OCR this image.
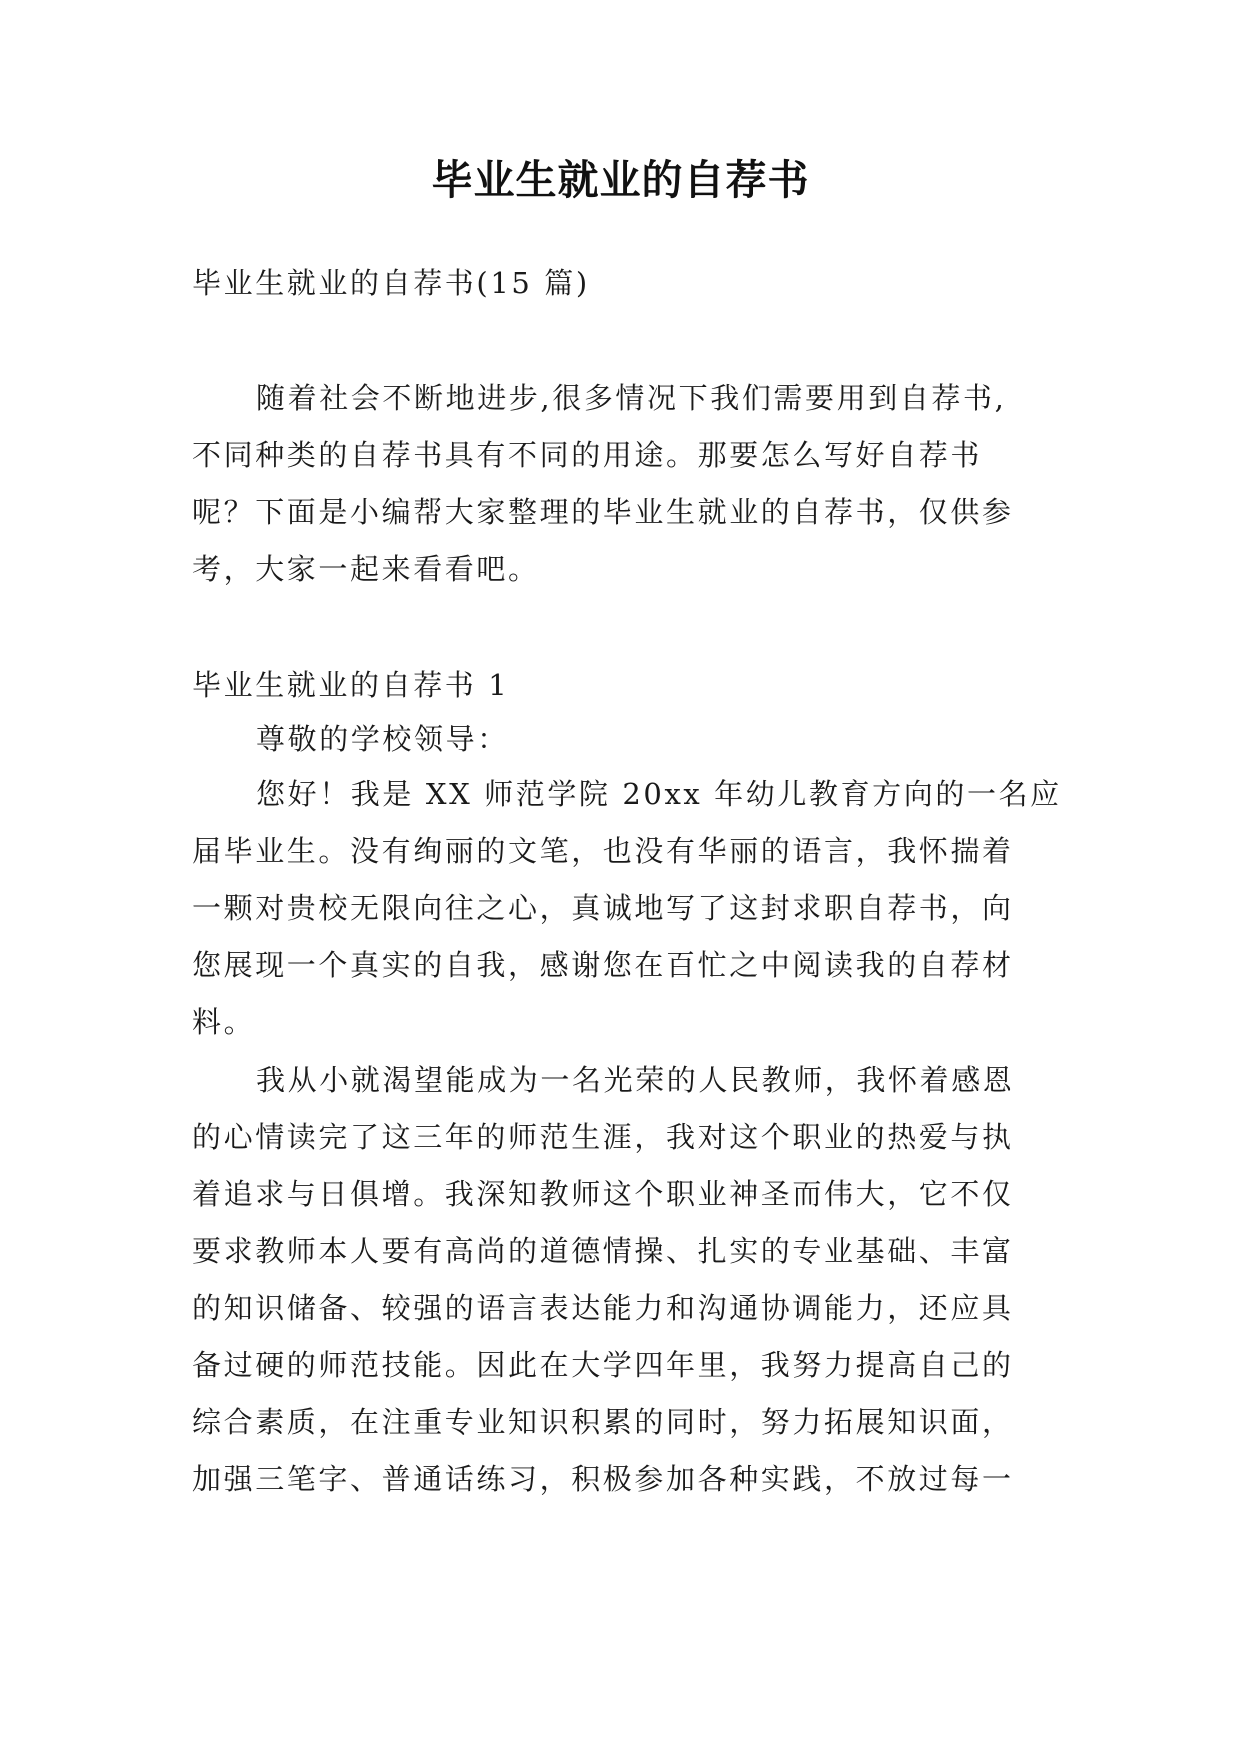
毕业生就业的自荐书

毕业生就业的自荐书(15 篇)

随着社会不断地进步,很多情况下我们需要用到自荐书,

不同种类的自荐书具有不同的用途。那要怎么写好自荐书

呢？下面是小编帮大家整理的毕业生就业的自荐书，仅供参

考，大家一起来看看吧。

毕业生就业的自荐书 1

尊敬的学校领导：

您好！我是 XX 师范学院 20xx 年幼儿教育方向的一名应

届毕业生。没有绚丽的文笔，也没有华丽的语言，我怀揣着

一颗对贵校无限向往之心，真诚地写了这封求职自荐书，向

您展现一个真实的自我，感谢您在百忙之中阅读我的自荐材

料。

我从小就渴望能成为一名光荣的人民教师，我怀着感恩

的心情读完了这三年的师范生涯，我对这个职业的热爱与执

着追求与日俱增。我深知教师这个职业神圣而伟大，它不仅

要求教师本人要有高尚的道德情操、扎实的专业基础、丰富

的知识储备、较强的语言表达能力和沟通协调能力，还应具

备过硬的师范技能。因此在大学四年里，我努力提高自己的

综合素质，在注重专业知识积累的同时，努力拓展知识面，

加强三笔字、普通话练习，积极参加各种实践，不放过每一
